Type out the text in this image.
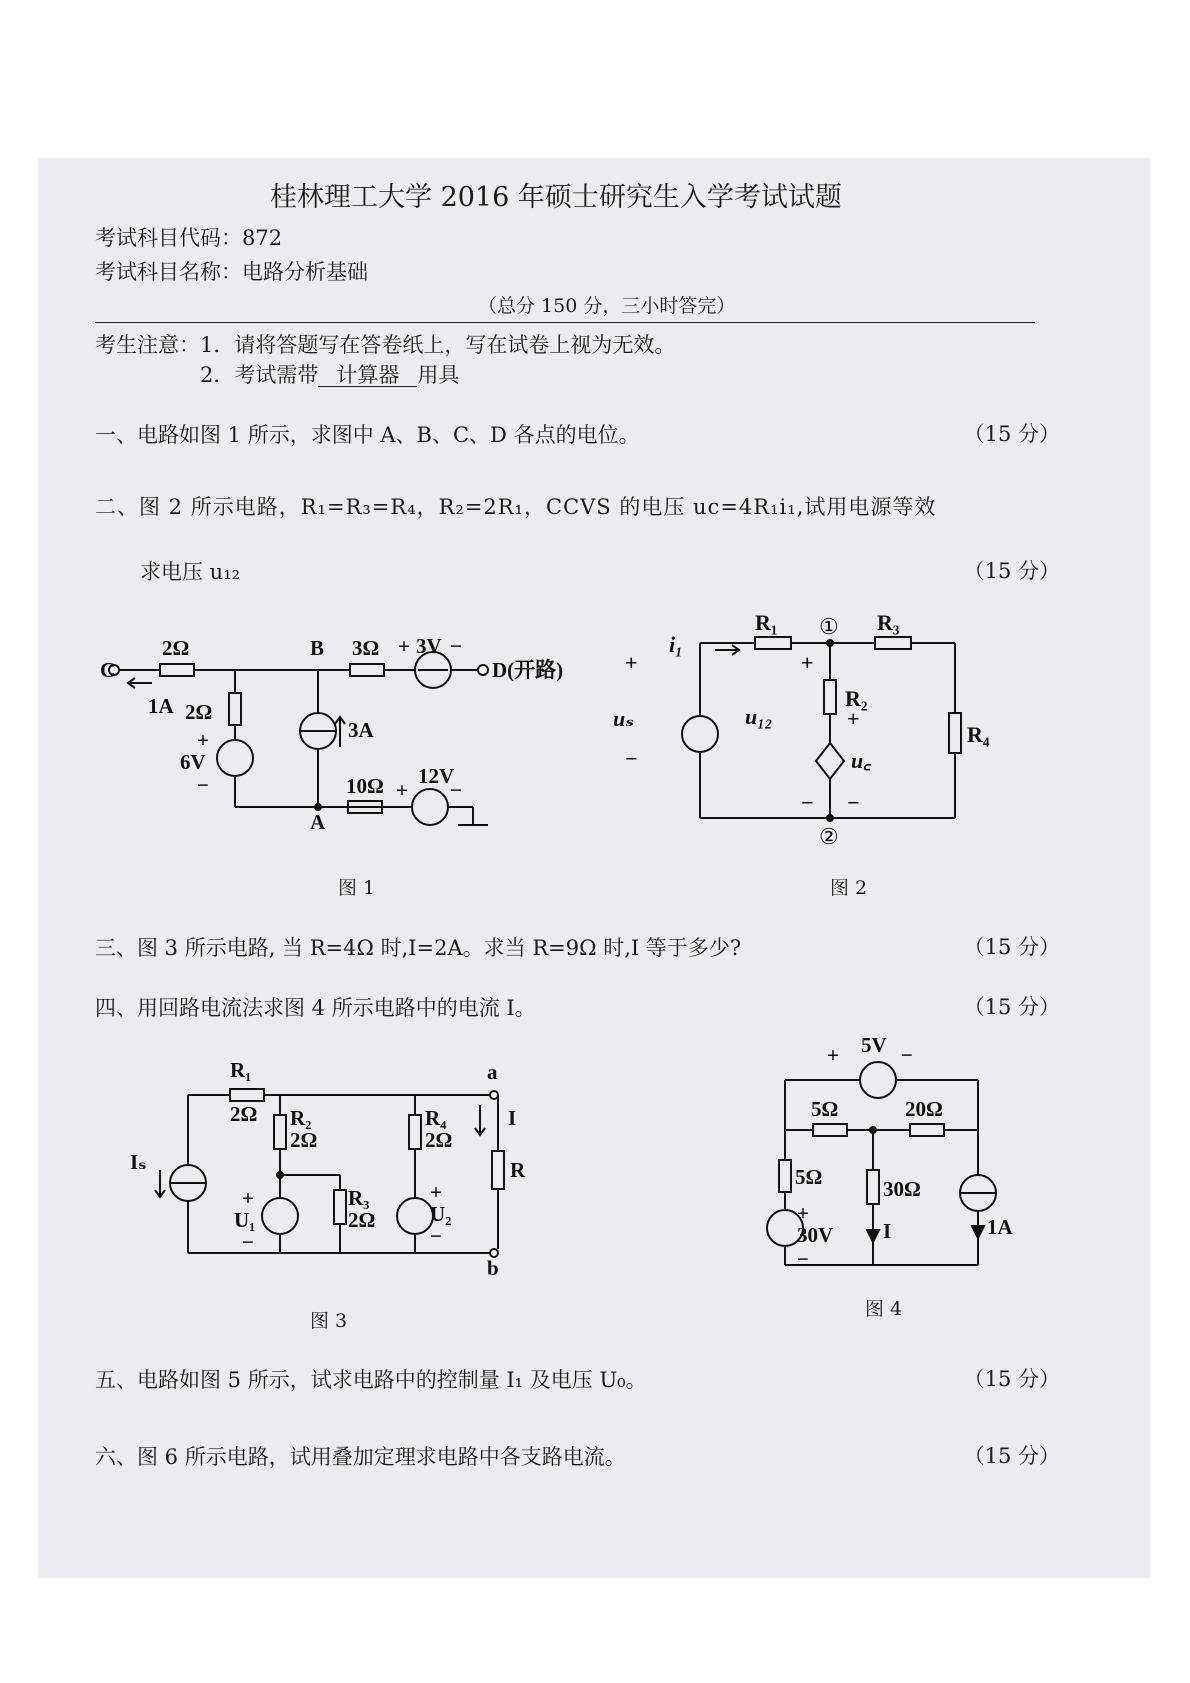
桂林理工大学 2016 年硕士研究生入学考试试题
考试科目代码：872
考试科目名称：电路分析基础
（总分 150 分，三小时答完）
考生注意：1．请将答题写在答卷纸上，写在试卷上视为无效。
2．考试需带 计算器 用具
一、电路如图 1 所示，求图中 A、B、C、D 各点的电位。	（15 分）
二、图 2 所示电路，R₁=R₃=R₄，R₂=2R₁，CCVS 的电压 uc=4R₁i₁,试用电源等效
求电压 u₁₂	（15 分）
C
2Ω	B 3Ω + 3V −
D(开路)
1A 2Ω
+
6V
−
3A
A
10Ω +
12V
−
图 1
i₁
R₁ ① R₃
+
R₂
R₄
+
uₛ
−
u₁₂	+
u꜀
−
−
②
图 2
三、图 3 所示电路, 当 R=4Ω 时,I=2A。求当 R=9Ω 时,I 等于多少?	（15 分）
四、用回路电流法求图 4 所示电路中的电流 I。	（15 分）
R₁
2Ω R₂
2Ω
R₃
2Ω
R₄
2Ω
Iₛ
+
U₁
−
+
U₂
−
a
b
I
R
图 3
+ 5V −
5Ω	20Ω
5Ω	30Ω
+
30V
−
I	1A
图 4
五、电路如图 5 所示，试求电路中的控制量 I₁ 及电压 U₀。	（15 分）
六、图 6 所示电路，试用叠加定理求电路中各支路电流。	（15 分）
